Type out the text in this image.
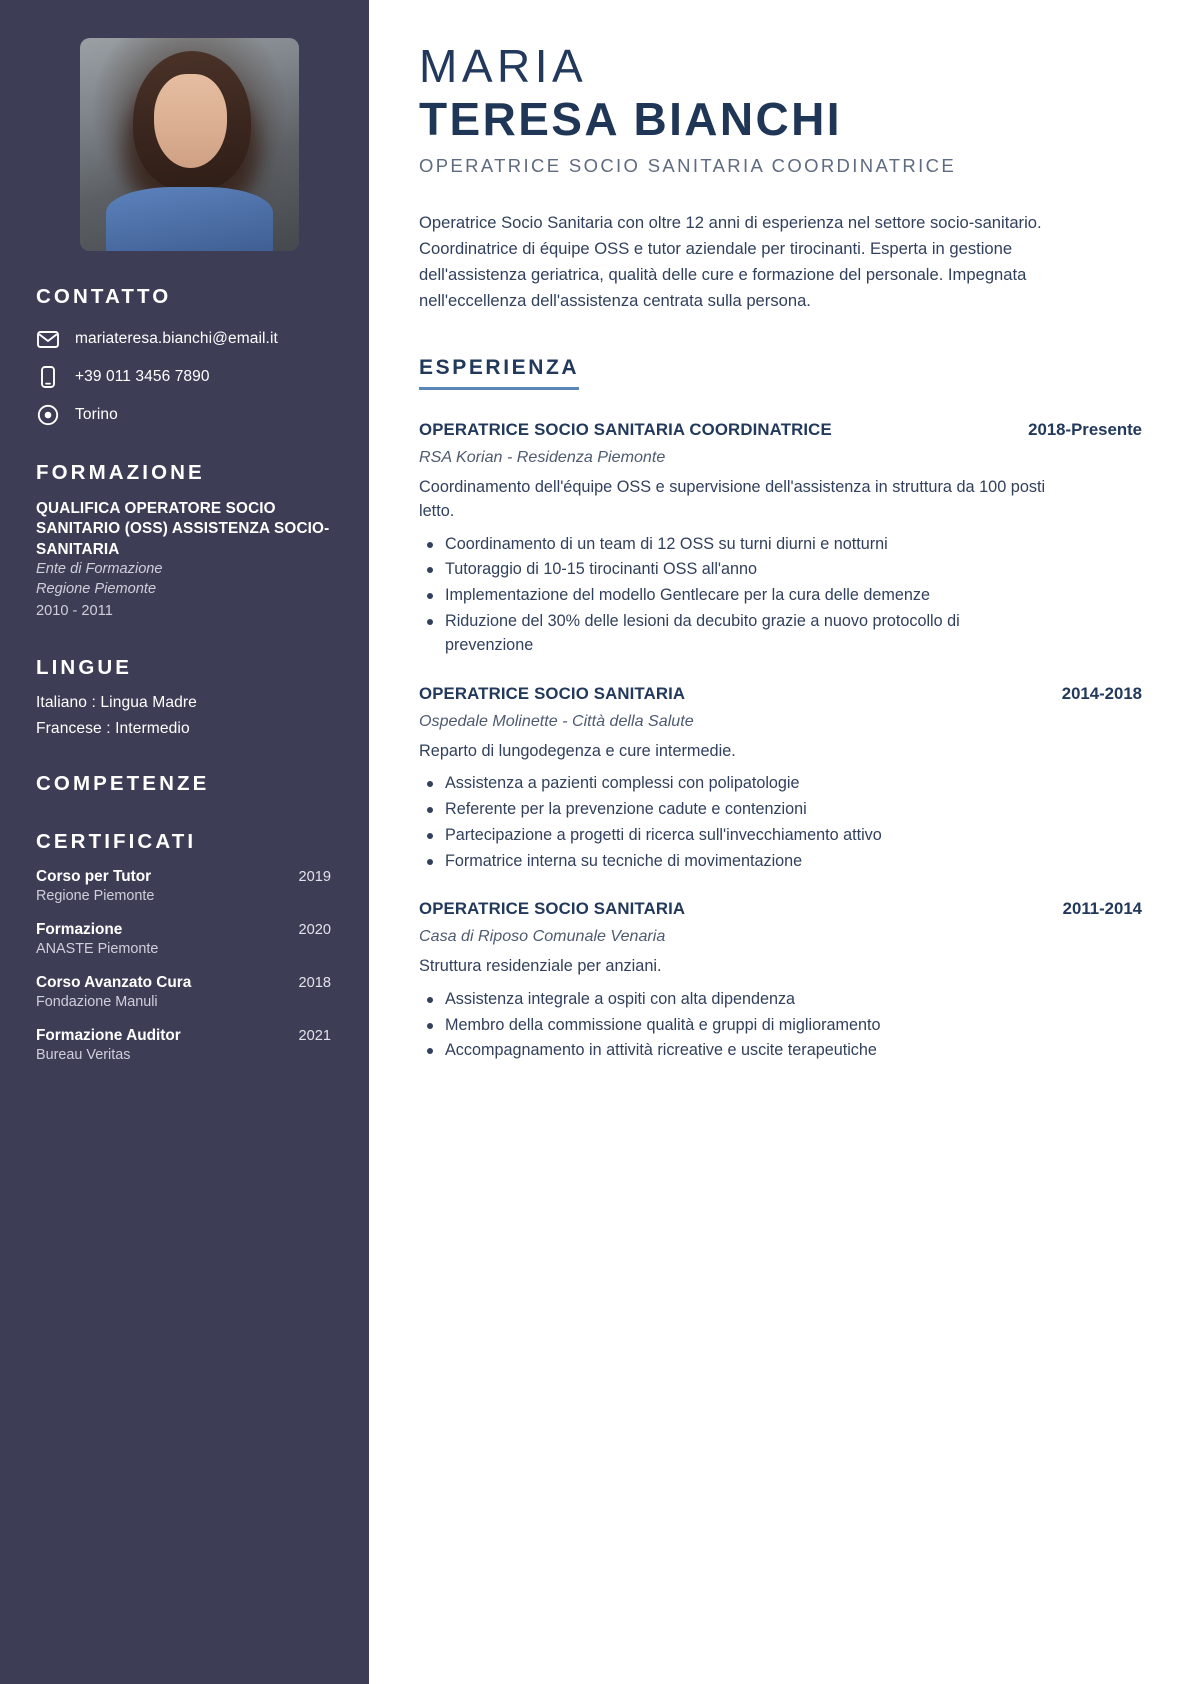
CONTATTO
mariateresa.bianchi@email.it
+39 011 3456 7890
Torino
FORMAZIONE
QUALIFICA OPERATORE SOCIO SANITARIO (OSS) ASSISTENZA SOCIO-SANITARIA
Ente di Formazione
Regione Piemonte
2010 - 2011
LINGUE
Italiano : Lingua Madre
Francese : Intermedio
COMPETENZE
CERTIFICATI
Corso per Tutor	2019
Regione Piemonte
Formazione	2020
ANASTE Piemonte
Corso Avanzato Cura	2018
Fondazione Manuli
Formazione Auditor	2021
Bureau Veritas
MARIA
TERESA BIANCHI
OPERATRICE SOCIO SANITARIA COORDINATRICE

Operatrice Socio Sanitaria con oltre 12 anni di esperienza nel settore socio-sanitario. Coordinatrice di équipe OSS e tutor aziendale per tirocinanti. Esperta in gestione dell'assistenza geriatrica, qualità delle cure e formazione del personale. Impegnata nell'eccellenza dell'assistenza centrata sulla persona.

ESPERIENZA
OPERATRICE SOCIO SANITARIA COORDINATRICE	2018-Presente
RSA Korian - Residenza Piemonte
Coordinamento dell'équipe OSS e supervisione dell'assistenza in struttura da 100 posti letto.
Coordinamento di un team di 12 OSS su turni diurni e notturni
Tutoraggio di 10-15 tirocinanti OSS all'anno
Implementazione del modello Gentlecare per la cura delle demenze
Riduzione del 30% delle lesioni da decubito grazie a nuovo protocollo di prevenzione
OPERATRICE SOCIO SANITARIA	2014-2018
Ospedale Molinette - Città della Salute
Reparto di lungodegenza e cure intermedie.
Assistenza a pazienti complessi con polipatologie
Referente per la prevenzione cadute e contenzioni
Partecipazione a progetti di ricerca sull'invecchiamento attivo
Formatrice interna su tecniche di movimentazione
OPERATRICE SOCIO SANITARIA	2011-2014
Casa di Riposo Comunale Venaria
Struttura residenziale per anziani.
Assistenza integrale a ospiti con alta dipendenza
Membro della commissione qualità e gruppi di miglioramento
Accompagnamento in attività ricreative e uscite terapeutiche
